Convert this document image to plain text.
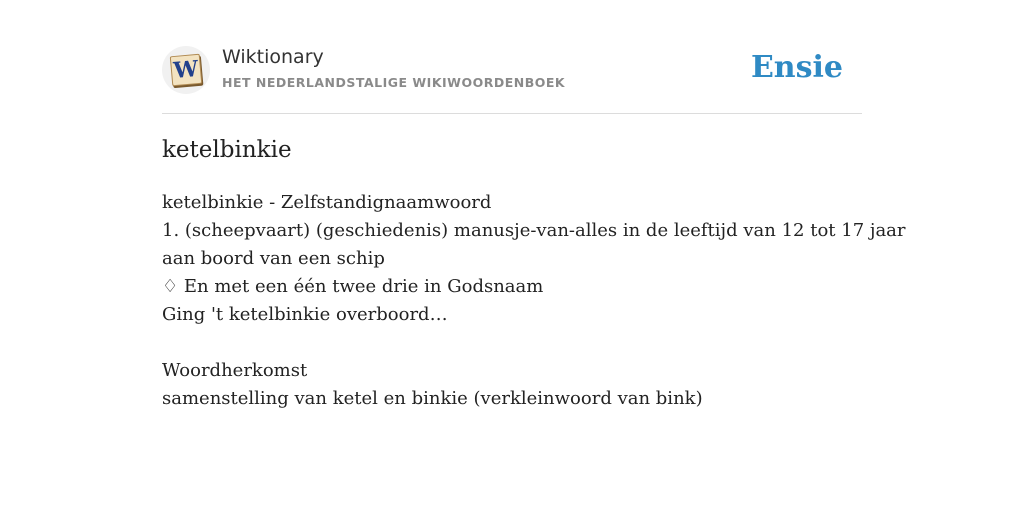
W Wiktionary
HET NEDERLANDSTALIGE WIKIWOORDENBOEK	Ensie
ketelbinkie
ketelbinkie - Zelfstandignaamwoord
1. (scheepvaart) (geschiedenis) manusje-van-alles in de leeftijd van 12 tot 17 jaar
aan boord van een schip
♢ En met een één twee drie in Godsnaam
Ging 't ketelbinkie overboord…
Woordherkomst
samenstelling van ketel en binkie (verkleinwoord van bink)
